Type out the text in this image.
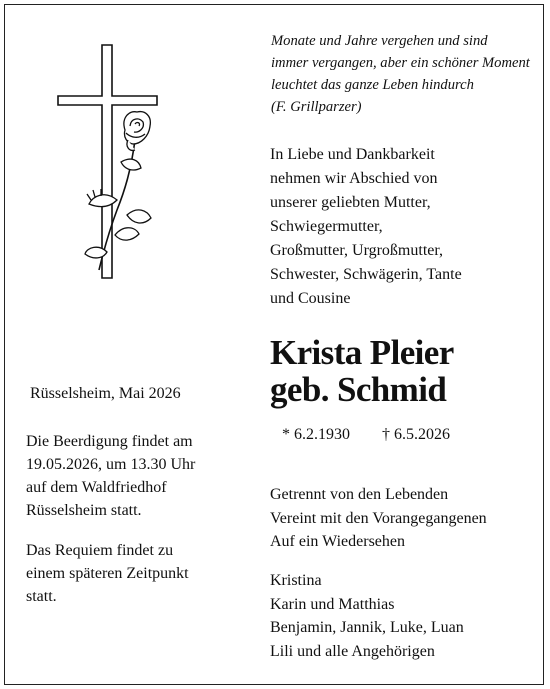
Monate und Jahre vergehen und sind
immer vergangen, aber ein schöner Moment
leuchtet das ganze Leben hindurch
(F. Grillparzer)
In Liebe und Dankbarkeit
nehmen wir Abschied von
unserer geliebten Mutter,
Schwiegermutter,
Großmutter, Urgroßmutter,
Schwester, Schwägerin, Tante
und Cousine
Krista Pleier
geb. Schmid
* 6.2.1930 † 6.5.2026
Getrennt von den Lebenden
Vereint mit den Vorangegangenen
Auf ein Wiedersehen
Kristina
Karin und Matthias
Benjamin, Jannik, Luke, Luan
Lili und alle Angehörigen
Rüsselsheim, Mai 2026
Die Beerdigung findet am
19.05.2026, um 13.30 Uhr
auf dem Waldfriedhof
Rüsselsheim statt.
Das Requiem findet zu
einem späteren Zeitpunkt
statt.
